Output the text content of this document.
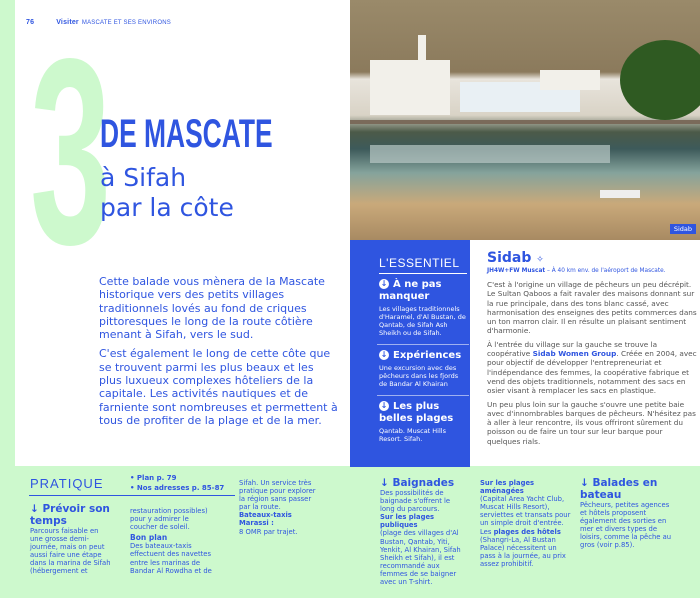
76	Visiter MASCATE ET SES ENVIRONS
3
DE MASCATE
à Sifah
par la côte

Cette balade vous mènera de la Mascate historique vers des petits villages traditionnels lovés au fond de criques pittoresques le long de la route côtière menant à Sifah, vers le sud.

C'est également le long de cette côte que se trouvent parmi les plus beaux et les plus luxueux complexes hôteliers de la capitale. Les activités nautiques et de farniente sont nombreuses et permettent à tous de profiter de la plage et de la mer.

Sidab
L'ESSENTIEL
↓ À ne pas manquer
Les villages traditionnels d'Haramel, d'Al Bustan, de Qantab, de Sifah Ash Sheikh ou de Sifah.
↓ Expériences
Une excursion avec des pêcheurs dans les fjords de Bandar Al Khairan
↓ Les plus belles plages
Qantab. Muscat Hills Resort. Sifah.
Sidab ✧
JH4W+FW Muscat – À 40 km env. de l'aéroport de Mascate.

C'est à l'origine un village de pêcheurs un peu décrépit. Le Sultan Qaboos a fait ravaler des maisons donnant sur la rue principale, dans des tons blanc cassé, avec harmonisation des enseignes des petits commerces dans un ton marron clair. Il en résulte un plaisant sentiment d'harmonie.

À l'entrée du village sur la gauche se trouve la coopérative Sidab Women Group. Créée en 2004, avec pour objectif de développer l'entrepreneuriat et l'indépendance des femmes, la coopérative fabrique et vend des objets traditionnels, notamment des sacs en osier visant à remplacer les sacs en plastique.

Un peu plus loin sur la gauche s'ouvre une petite baie avec d'innombrables barques de pêcheurs. N'hésitez pas à aller à leur rencontre, ils vous offriront sûrement du poisson ou de faire un tour sur leur barque pour quelques rials.

PRATIQUE	• Plan p. 79
• Nos adresses p. 85-87
↓ Prévoir son temps
Parcours faisable en une grosse demi-journée, mais on peut aussi faire une étape dans la marina de Sifah (hébergement et
restauration possibles) pour y admirer le coucher de soleil.
Bon plan
Des bateaux-taxis effectuent des navettes entre les marinas de Bandar Al Rowdha et de
Sifah. Un service très pratique pour explorer la région sans passer par la route.
Bateaux-taxis Marassi :
8 OMR par trajet.
↓ Baignades
Des possibilités de baignade s'offrent le long du parcours.
Sur les plages publiques
(plage des villages d'Al Bustan, Qantab, Yiti, Yenkit, Al Khairan, Sifah Sheikh et Sifah), il est recommandé aux femmes de se baigner avec un T-shirt.
Sur les plages aménagées
(Capital Area Yacht Club, Muscat Hills Resort), serviettes et transats pour un simple droit d'entrée.
Les plages des hôtels (Shangri-La, Al Bustan Palace) nécessitent un pass à la journée, au prix assez prohibitif.
↓ Balades en bateau
Pêcheurs, petites agences et hôtels proposent également des sorties en mer et divers types de loisirs, comme la pêche au gros (voir p.85).
